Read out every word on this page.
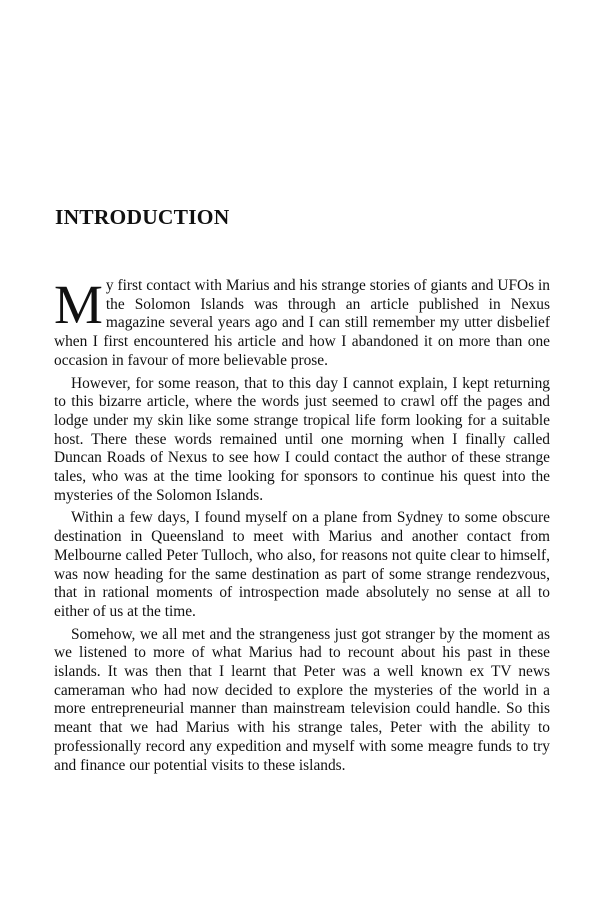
INTRODUCTION

My first contact with Marius and his strange stories of giants and UFOs in the Solomon Islands was through an article published in Nexus magazine several years ago and I can still remember my utter disbelief when I first encountered his article and how I abandoned it on more than one occasion in favour of more believable prose.

However, for some reason, that to this day I cannot explain, I kept returning to this bizarre article, where the words just seemed to crawl off the pages and lodge under my skin like some strange tropical life form looking for a suitable host. There these words remained until one morning when I finally called Duncan Roads of Nexus to see how I could contact the author of these strange tales, who was at the time looking for sponsors to continue his quest into the mysteries of the Solomon Islands.

Within a few days, I found myself on a plane from Sydney to some obscure destination in Queensland to meet with Marius and another contact from Melbourne called Peter Tulloch, who also, for reasons not quite clear to himself, was now heading for the same destination as part of some strange rendezvous, that in rational moments of introspection made absolutely no sense at all to either of us at the time.

Somehow, we all met and the strangeness just got stranger by the moment as we listened to more of what Marius had to recount about his past in these islands. It was then that I learnt that Peter was a well known ex TV news cameraman who had now decided to explore the mysteries of the world in a more entrepreneurial manner than mainstream television could handle. So this meant that we had Marius with his strange tales, Peter with the ability to professionally record any expedition and myself with some meagre funds to try and finance our potential visits to these islands.
